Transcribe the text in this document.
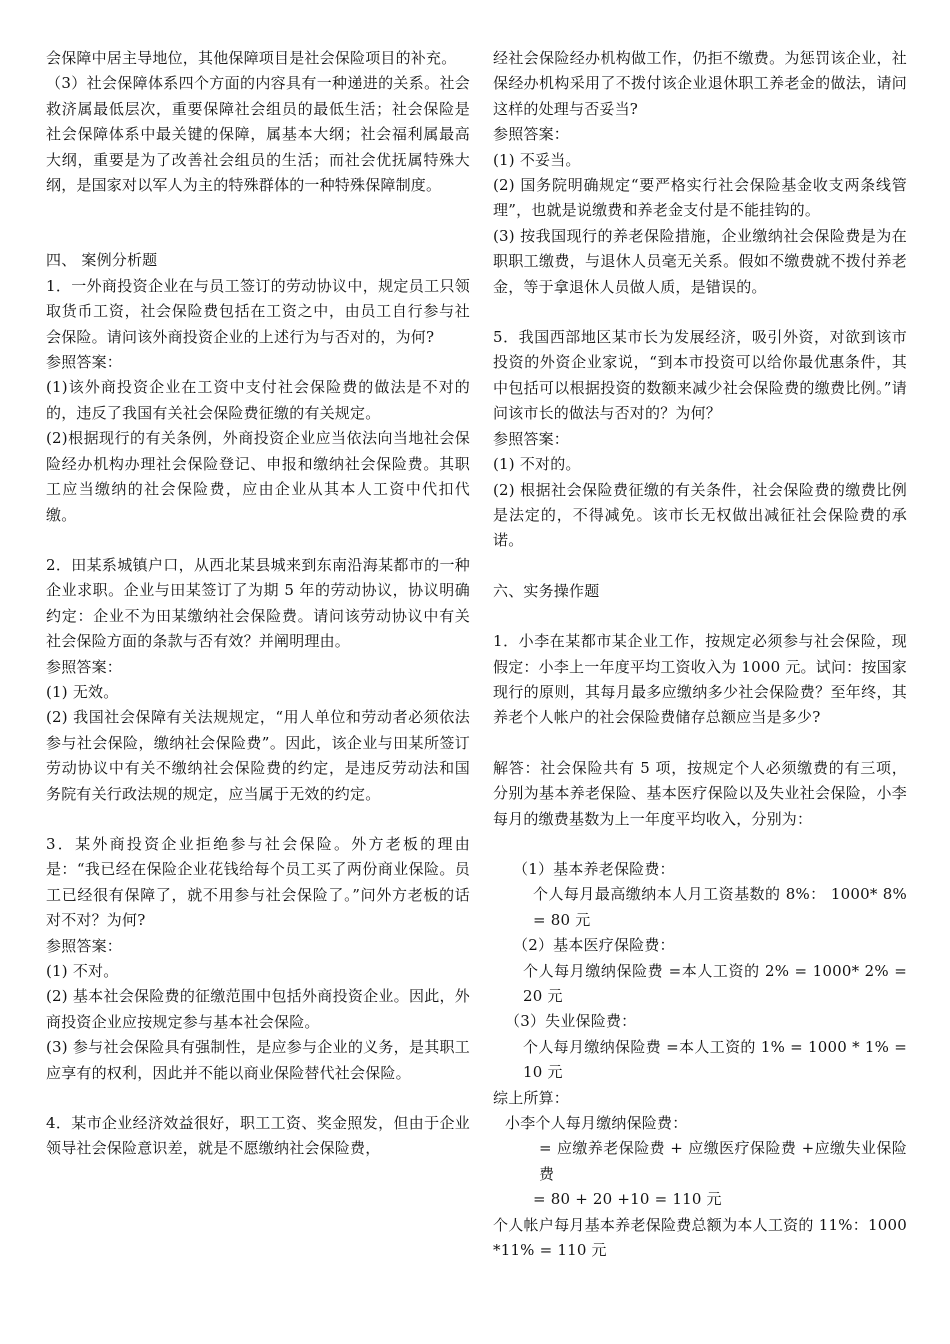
会保障中居主导地位，其他保障项目是社会保险项目的补充。

（3）社会保障体系四个方面的内容具有一种递进的关系。社会救济属最低层次，重要保障社会组员的最低生活；社会保险是社会保障体系中最关键的保障，属基本大纲；社会福利属最高大纲，重要是为了改善社会组员的生活；而社会优抚属特殊大纲，是国家对以军人为主的特殊群体的一种特殊保障制度。

四、 案例分析题

1．一外商投资企业在与员工签订的劳动协议中，规定员工只领取货币工资，社会保险费包括在工资之中，由员工自行参与社会保险。请问该外商投资企业的上述行为与否对的，为何?

参照答案：

(1)该外商投资企业在工资中支付社会保险费的做法是不对的的，违反了我国有关社会保险费征缴的有关规定。

(2)根据现行的有关条例，外商投资企业应当依法向当地社会保险经办机构办理社会保险登记、申报和缴纳社会保险费。其职工应当缴纳的社会保险费，应由企业从其本人工资中代扣代缴。

2．田某系城镇户口，从西北某县城来到东南沿海某都市的一种企业求职。企业与田某签订了为期 5 年的劳动协议，协议明确约定：企业不为田某缴纳社会保险费。请问该劳动协议中有关社会保险方面的条款与否有效？并阐明理由。

参照答案：

(1) 无效。

(2) 我国社会保障有关法规规定，“用人单位和劳动者必须依法参与社会保险，缴纳社会保险费”。因此，该企业与田某所签订劳动协议中有关不缴纳社会保险费的约定，是违反劳动法和国务院有关行政法规的规定，应当属于无效的约定。

3．某外商投资企业拒绝参与社会保险。外方老板的理由是：“我已经在保险企业花钱给每个员工买了两份商业保险。员工已经很有保障了，就不用参与社会保险了。”问外方老板的话对不对？为何?

参照答案：

(1) 不对。

(2) 基本社会保险费的征缴范围中包括外商投资企业。因此，外商投资企业应按规定参与基本社会保险。

(3) 参与社会保险具有强制性，是应参与企业的义务，是其职工应享有的权利，因此并不能以商业保险替代社会保险。

4．某市企业经济效益很好，职工工资、奖金照发，但由于企业领导社会保险意识差，就是不愿缴纳社会保险费，

经社会保险经办机构做工作，仍拒不缴费。为惩罚该企业，社保经办机构采用了不拨付该企业退休职工养老金的做法，请问这样的处理与否妥当?

参照答案：

(1) 不妥当。

(2) 国务院明确规定“要严格实行社会保险基金收支两条线管理”，也就是说缴费和养老金支付是不能挂钩的。

(3) 按我国现行的养老保险措施，企业缴纳社会保险费是为在职职工缴费，与退休人员毫无关系。假如不缴费就不拨付养老金，等于拿退休人员做人质，是错误的。

5．我国西部地区某市长为发展经济，吸引外资，对欲到该市投资的外资企业家说，“到本市投资可以给你最优惠条件，其中包括可以根据投资的数额来减少社会保险费的缴费比例。”请问该市长的做法与否对的？为何？

参照答案：

(1) 不对的。

(2) 根据社会保险费征缴的有关条件，社会保险费的缴费比例是法定的，不得减免。该市长无权做出减征社会保险费的承诺。

六、实务操作题

1．小李在某都市某企业工作，按规定必须参与社会保险，现假定：小李上一年度平均工资收入为 1000 元。试问：按国家现行的原则，其每月最多应缴纳多少社会保险费？至年终，其养老个人帐户的社会保险费储存总额应当是多少?

解答：社会保险共有 5 项，按规定个人必须缴费的有三项，分别为基本养老保险、基本医疗保险以及失业社会保险，小李每月的缴费基数为上一年度平均收入，分别为：

（1）基本养老保险费：

个人每月最高缴纳本人月工资基数的 8%： 1000* 8% = 80 元

（2）基本医疗保险费：

个人每月缴纳保险费 =本人工资的 2% = 1000* 2% = 20 元

（3）失业保险费：

个人每月缴纳保险费 =本人工资的 1% = 1000 * 1% = 10 元

综上所算：

小李个人每月缴纳保险费：

= 应缴养老保险费 + 应缴医疗保险费 +应缴失业保险费

= 80 + 20 +10 = 110 元

个人帐户每月基本养老保险费总额为本人工资的 11%：1000 *11% = 110 元
